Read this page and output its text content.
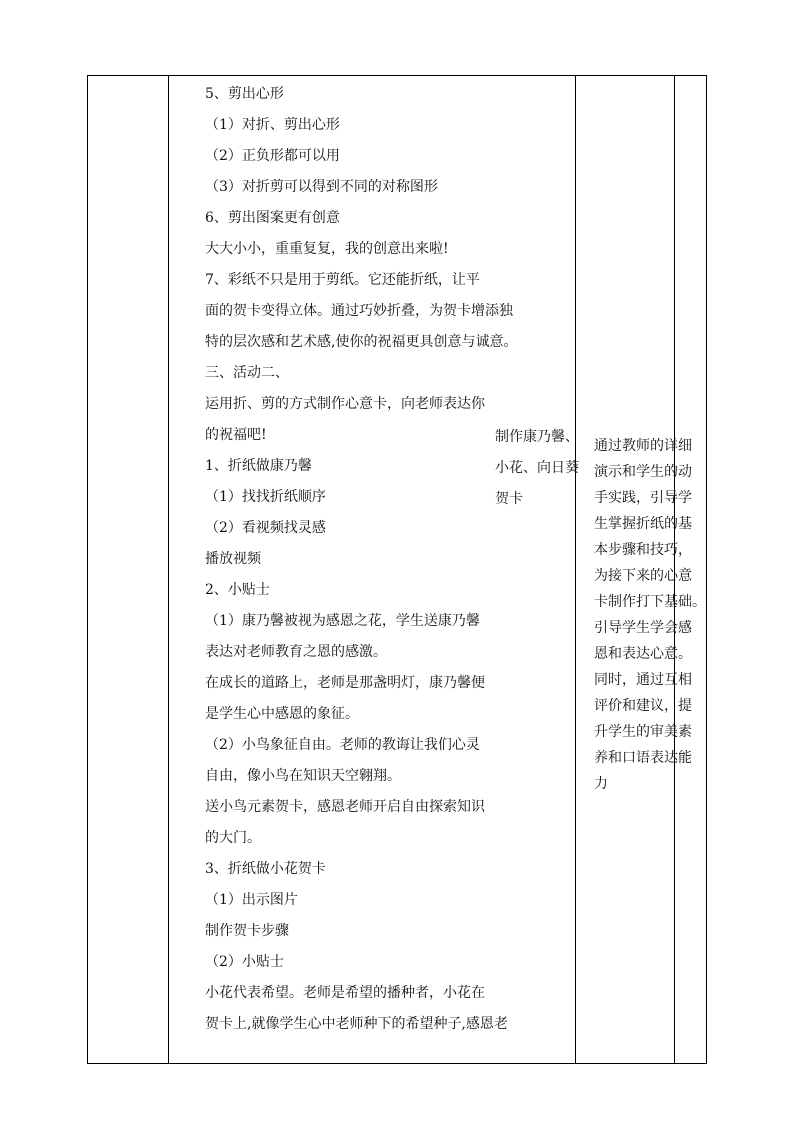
5、剪出心形
（1）对折、剪出心形
（2）正负形都可以用
（3）对折剪可以得到不同的对称图形
6、剪出图案更有创意
大大小小，重重复复，我的创意出来啦!
7、彩纸不只是用于剪纸。它还能折纸，让平
面的贺卡变得立体。通过巧妙折叠，为贺卡增添独
特的层次感和艺术感,使你的祝福更具创意与诚意。
三、活动二、
运用折、剪的方式制作心意卡，向老师表达你
的祝福吧!
1、折纸做康乃馨
（1）找找折纸顺序
（2）看视频找灵感
播放视频
2、小贴士
（1）康乃馨被视为感恩之花，学生送康乃馨
表达对老师教育之恩的感激。
在成长的道路上，老师是那盏明灯，康乃馨便
是学生心中感恩的象征。
（2）小鸟象征自由。老师的教诲让我们心灵
自由，像小鸟在知识天空翱翔。
送小鸟元素贺卡，感恩老师开启自由探索知识
的大门。
3、折纸做小花贺卡
（1）出示图片
制作贺卡步骤
（2）小贴士
小花代表希望。老师是希望的播种者，小花在
贺卡上,就像学生心中老师种下的希望种子,感恩老
制作康乃馨、
小花、向日葵
贺卡
通过教师的详细
演示和学生的动
手实践，引导学
生掌握折纸的基
本步骤和技巧，
为接下来的心意
卡制作打下基础。
引导学生学会感
恩和表达心意。
同时，通过互相
评价和建议，提
升学生的审美素
养和口语表达能
力
